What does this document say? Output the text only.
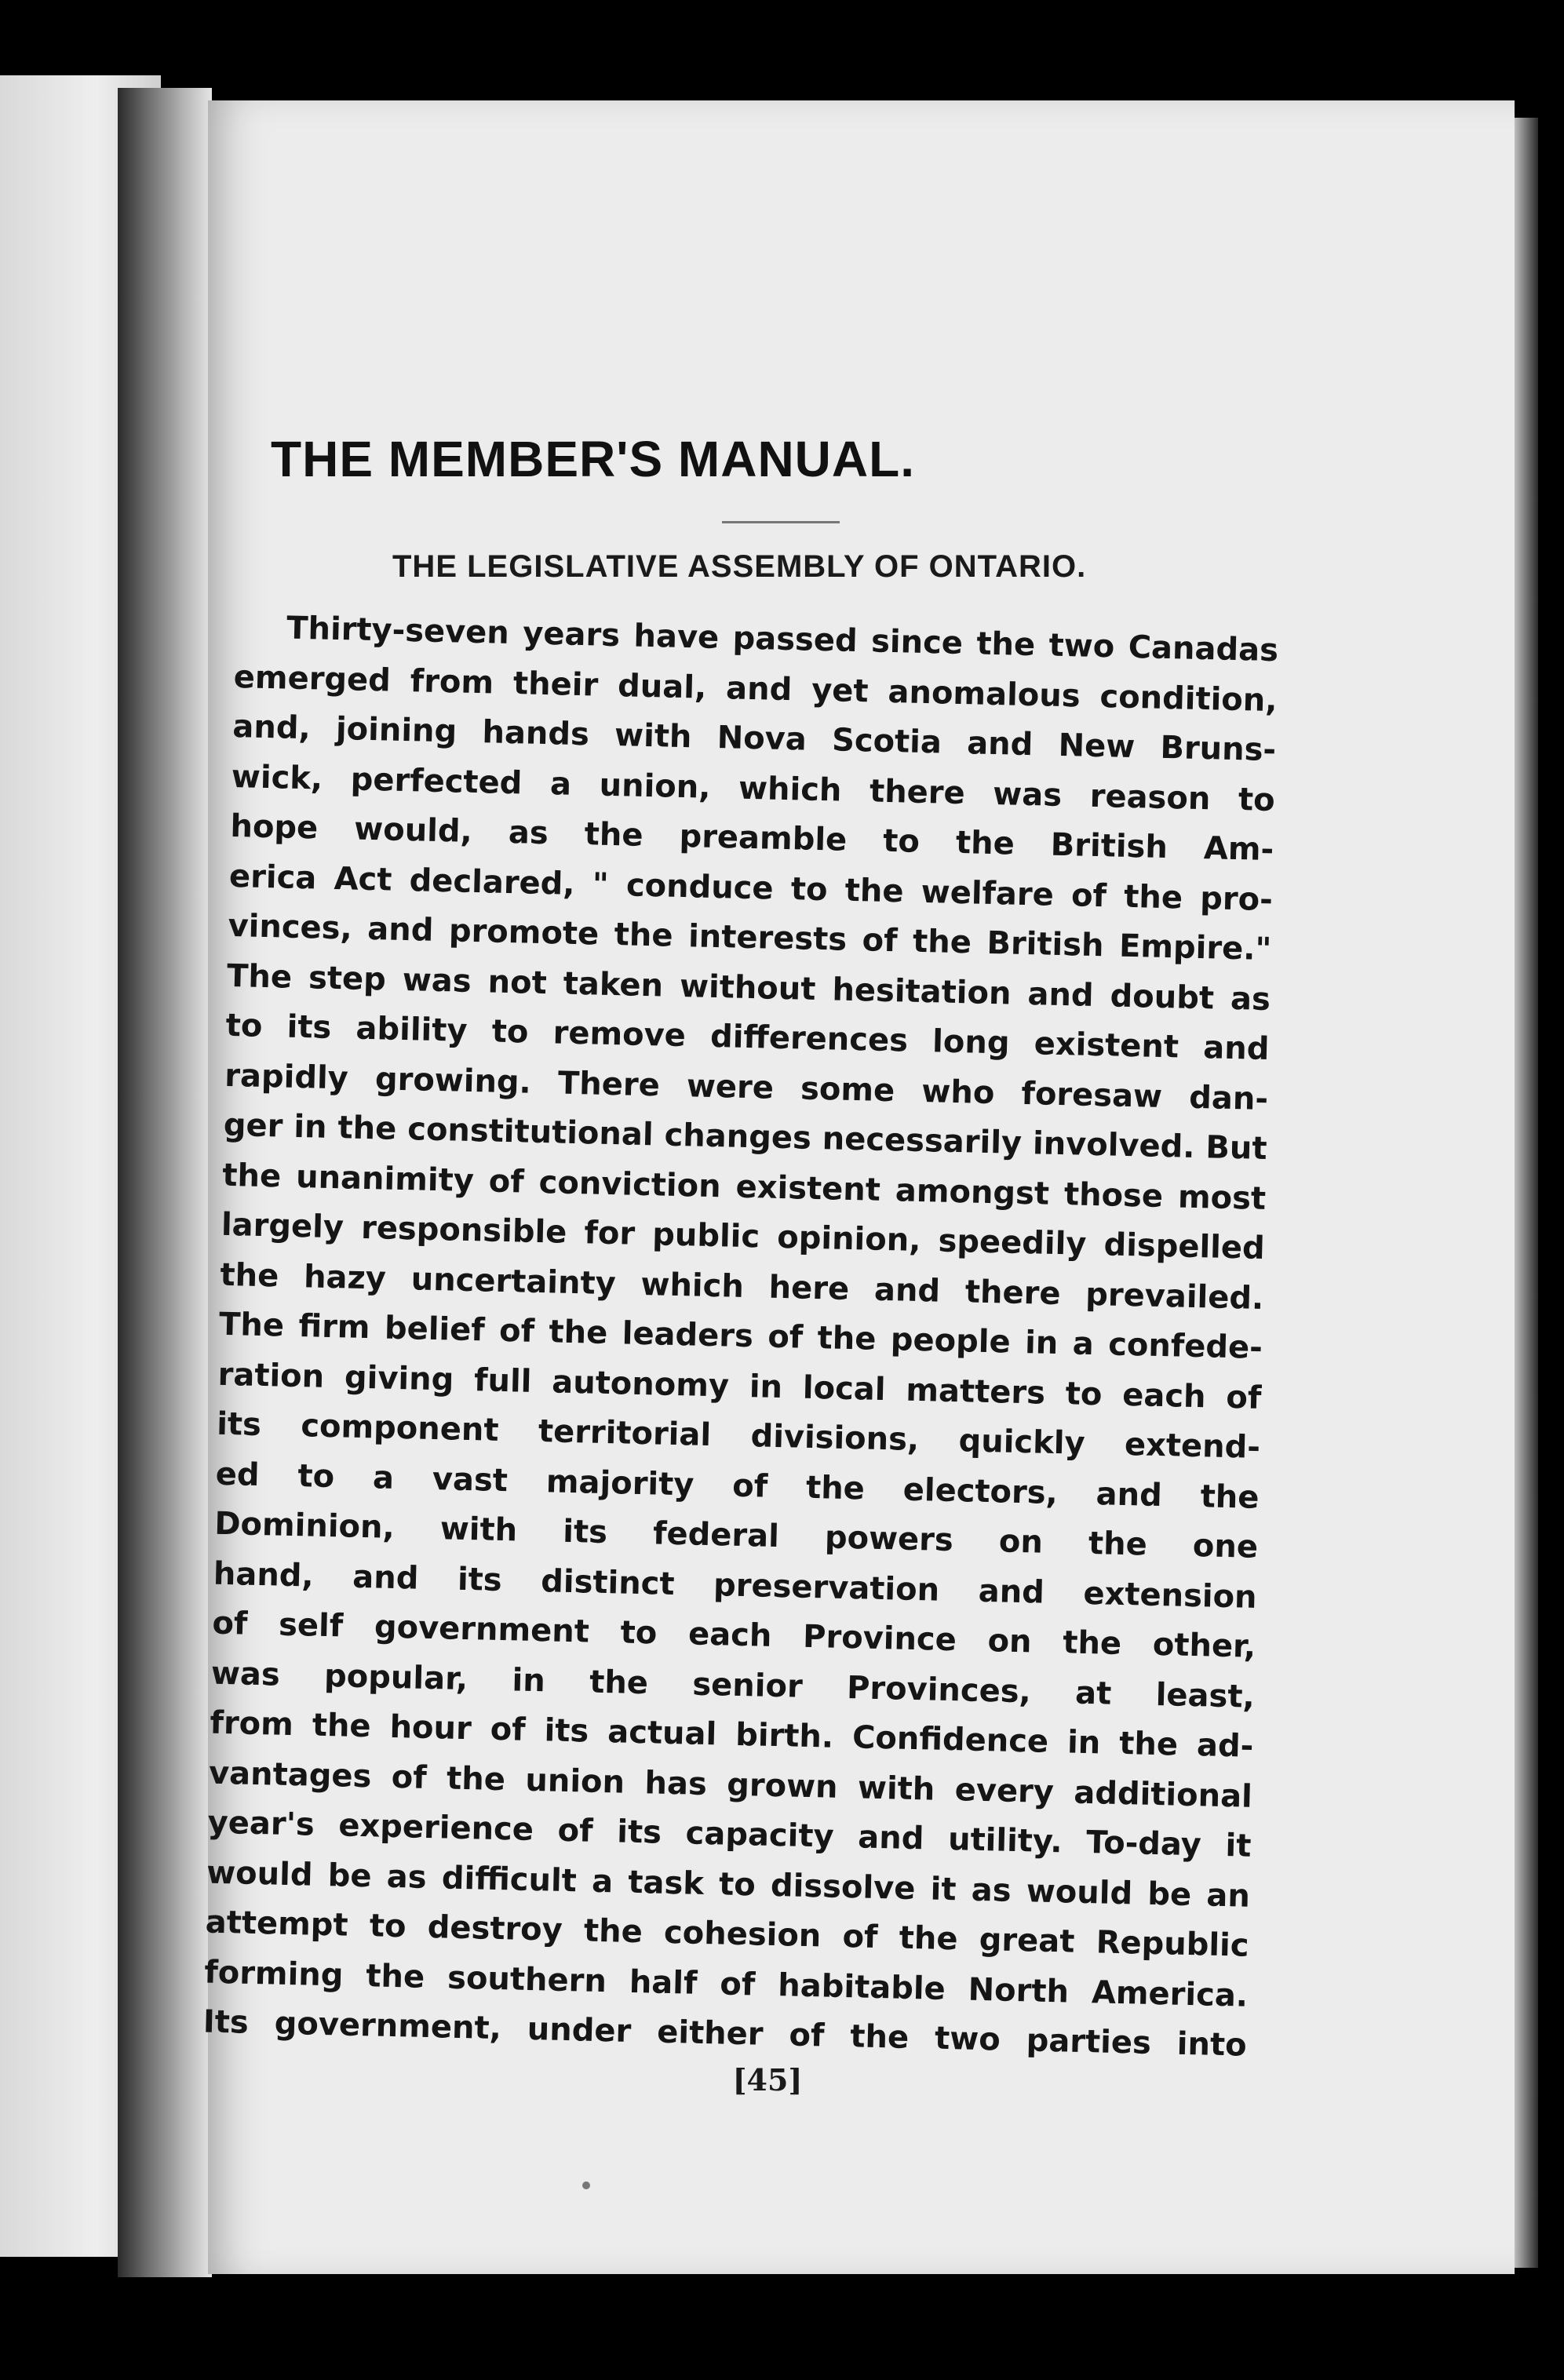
THE MEMBER'S MANUAL.
THE LEGISLATIVE ASSEMBLY OF ONTARIO.
Thirty-seven years have passed since the two Canadas
emerged from their dual, and yet anomalous condition,
and, joining hands with Nova Scotia and New Bruns-
wick, perfected a union, which there was reason to
hope would, as the preamble to the British Am-
erica Act declared, " conduce to the welfare of the pro-
vinces, and promote the interests of the British Empire."
The step was not taken without hesitation and doubt as
to its ability to remove differences long existent and
rapidly growing. There were some who foresaw dan-
ger in the constitutional changes necessarily involved. But
the unanimity of conviction existent amongst those most
largely responsible for public opinion, speedily dispelled
the hazy uncertainty which here and there prevailed.
The firm belief of the leaders of the people in a confede-
ration giving full autonomy in local matters to each of
its component territorial divisions, quickly extend-
ed to a vast majority of the electors, and the
Dominion, with its federal powers on the one
hand, and its distinct preservation and extension
of self government to each Province on the other,
was popular, in the senior Provinces, at least,
from the hour of its actual birth. Confidence in the ad-
vantages of the union has grown with every additional
year's experience of its capacity and utility. To-day it
would be as difficult a task to dissolve it as would be an
attempt to destroy the cohesion of the great Republic
forming the southern half of habitable North America.
Its government, under either of the two parties into
[45]
